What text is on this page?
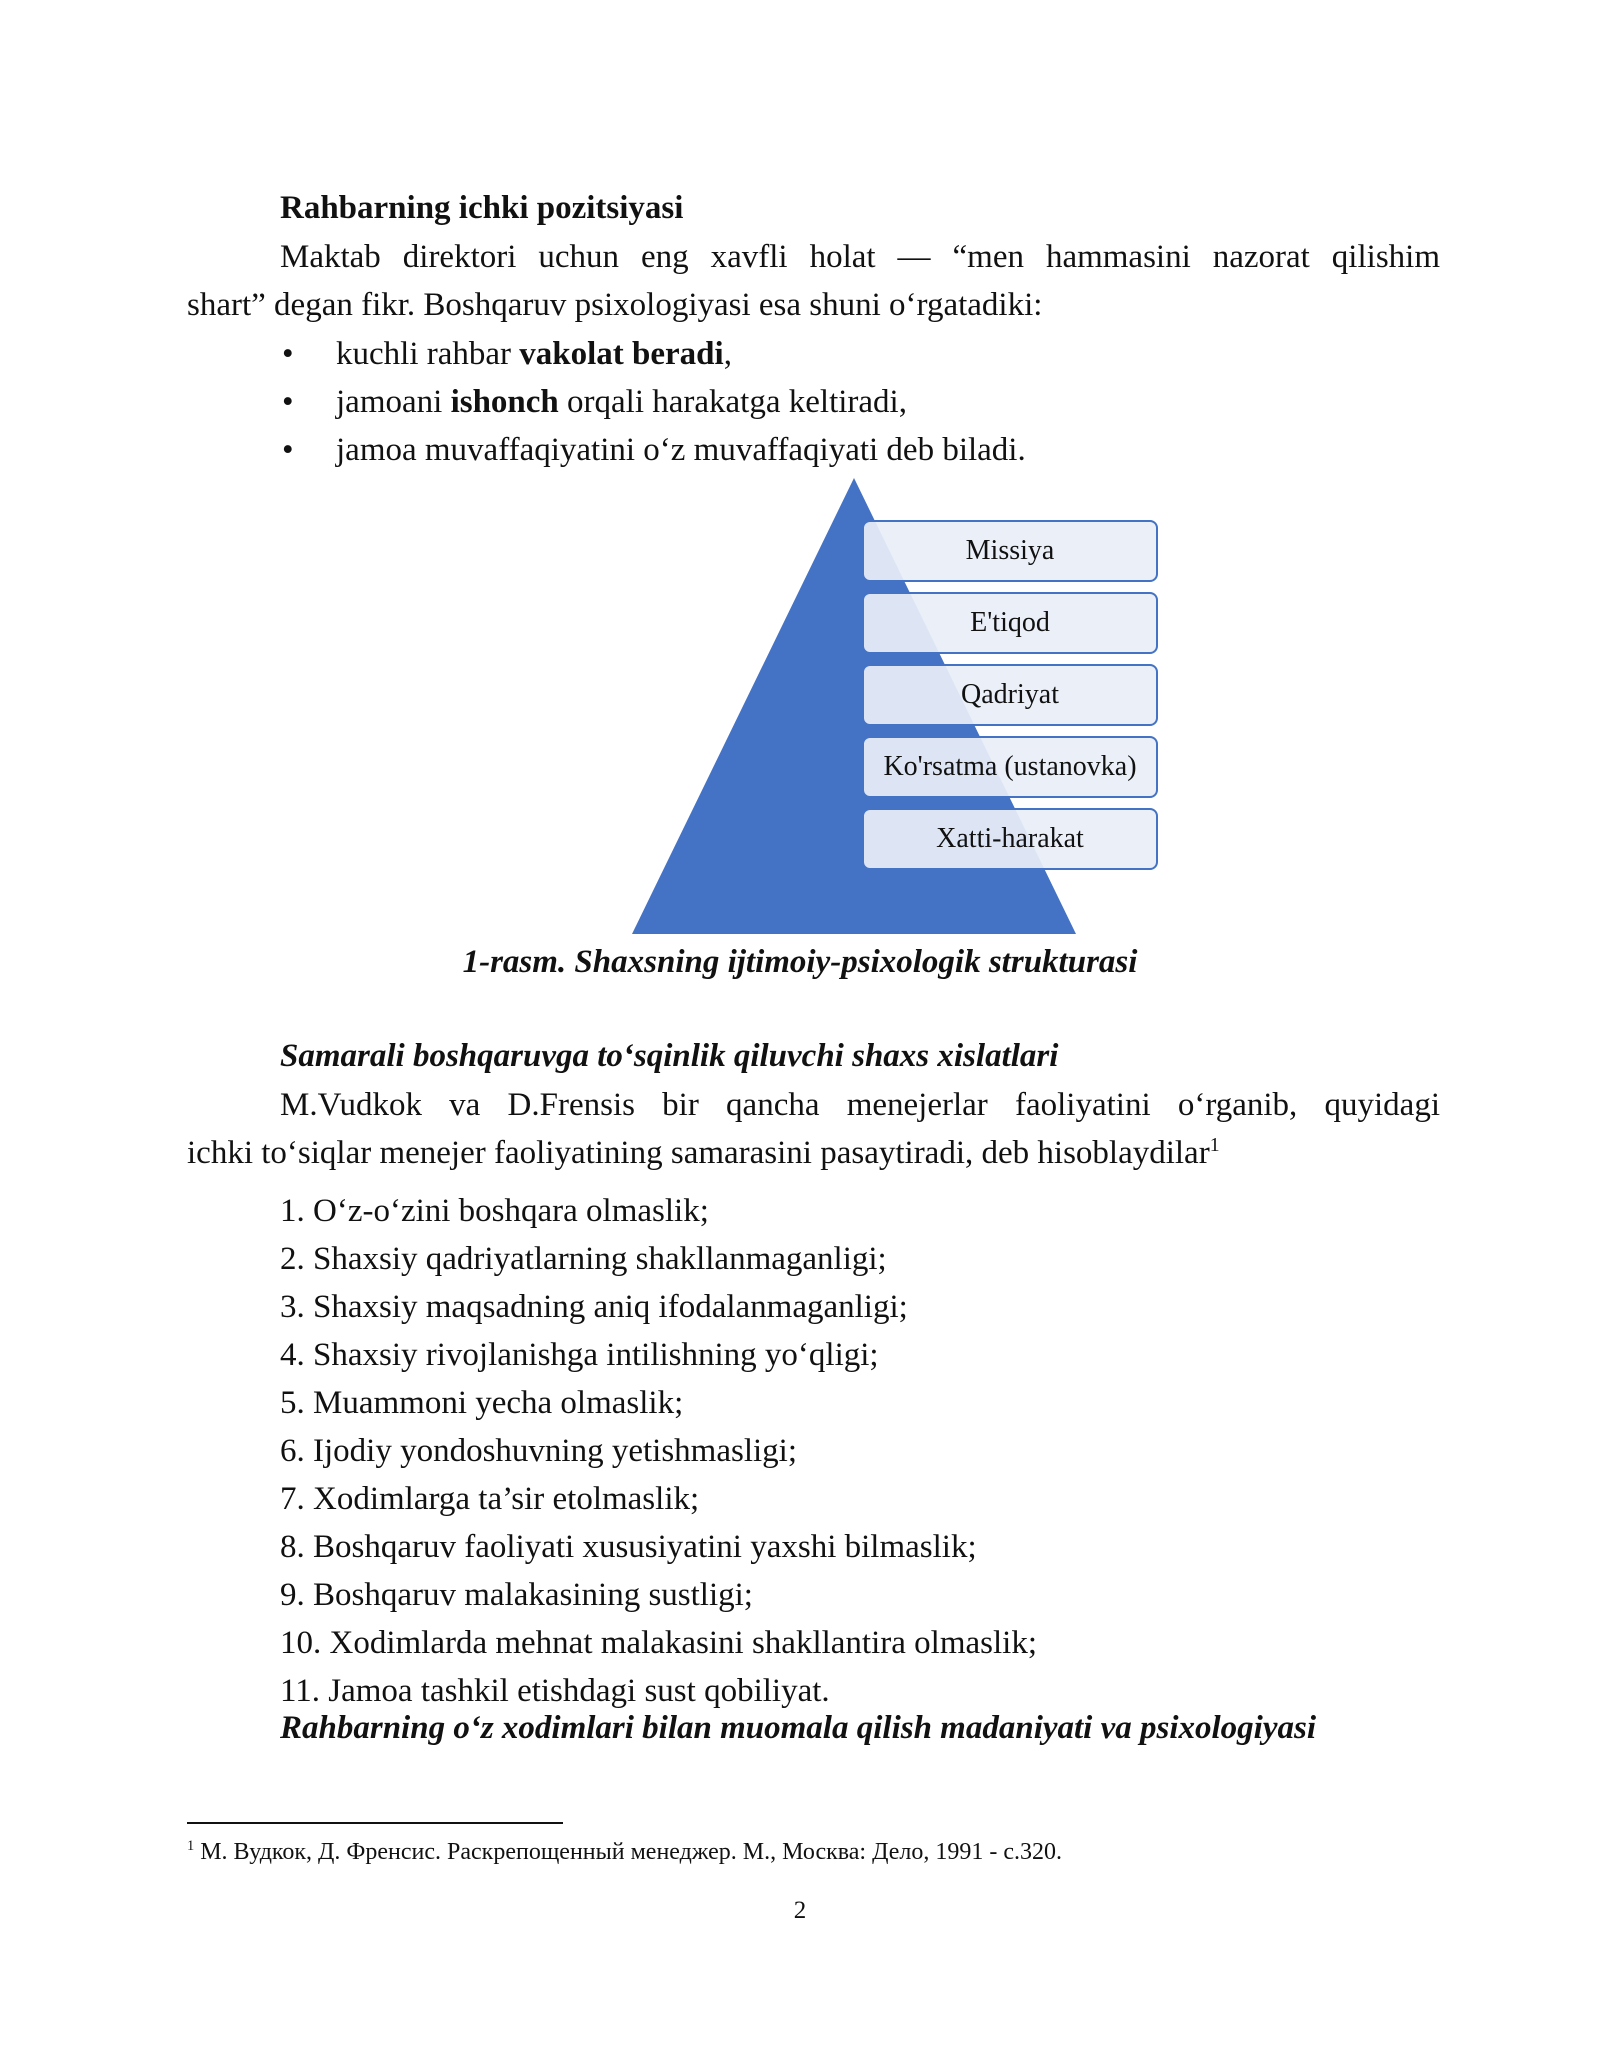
Rahbarning ichki pozitsiyasi

Maktab direktori uchun eng xavfli holat — “men hammasini nazorat qilishim

shart” degan fikr. Boshqaruv psixologiyasi esa shuni o‘rgatadiki:

• kuchli rahbar vakolat beradi,
• jamoani ishonch orqali harakatga keltiradi,
• jamoa muvaffaqiyatini o‘z muvaffaqiyati deb biladi.
Missiya
E'tiqod
Qadriyat
Ko'rsatma (ustanovka)
Xatti-harakat

1-rasm. Shaxsning ijtimoiy-psixologik strukturasi

Samarali boshqaruvga to‘sqinlik qiluvchi shaxs xislatlari

M.Vudkok va D.Frensis bir qancha menejerlar faoliyatini o‘rganib, quyidagi

ichki to‘siqlar menejer faoliyatining samarasini pasaytiradi, deb hisoblaydilar$^1$

1. O‘z-o‘zini boshqara olmaslik;
2. Shaxsiy qadriyatlarning shakllanmaganligi;
3. Shaxsiy maqsadning aniq ifodalanmaganligi;
4. Shaxsiy rivojlanishga intilishning yo‘qligi;
5. Muammoni yecha olmaslik;
6. Ijodiy yondoshuvning yetishmasligi;
7. Xodimlarga ta’sir etolmaslik;
8. Boshqaruv faoliyati xususiyatini yaxshi bilmaslik;
9. Boshqaruv malakasining sustligi;
10. Xodimlarda mehnat malakasini shakllantira olmaslik;
11. Jamoa tashkil etishdagi sust qobiliyat.

Rahbarning o‘z xodimlari bilan muomala qilish madaniyati va psixologiyasi

$^1$ М. Вудкок, Д. Френсис. Раскрепощенный менеджер. М., Москва: Дело, 1991 - с.320.

2
